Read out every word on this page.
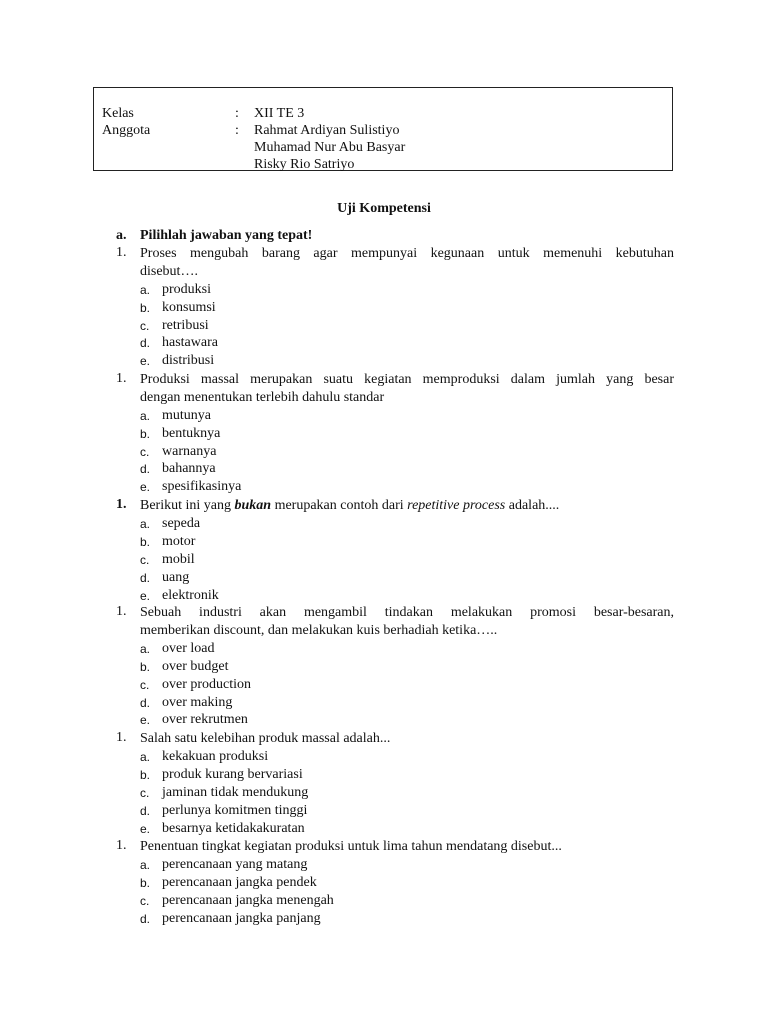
Kelas	: XII TE 3
Anggota	: Rahmat Ardiyan Sulistiyo
Muhamad Nur Abu Basyar
Risky Rio Satriyo
Uji Kompetensi
a. Pilihlah jawaban yang tepat!
1. Proses mengubah barang agar mempunyai kegunaan untuk memenuhi kebutuhan
disebut….
a. produksi
b. konsumsi
c. retribusi
d. hastawara
e. distribusi
1. Produksi massal merupakan suatu kegiatan memproduksi dalam jumlah yang besar
dengan menentukan terlebih dahulu standar
a. mutunya
b. bentuknya
c. warnanya
d. bahannya
e. spesifikasinya
1. Berikut ini yang bukan merupakan contoh dari repetitive process adalah....
a. sepeda
b. motor
c. mobil
d. uang
e. elektronik
1. Sebuah industri akan mengambil tindakan melakukan promosi besar-besaran,
memberikan discount, dan melakukan kuis berhadiah ketika…..
a. over load
b. over budget
c. over production
d. over making
e. over rekrutmen
1. Salah satu kelebihan produk massal adalah...
a. kekakuan produksi
b. produk kurang bervariasi
c. jaminan tidak mendukung
d. perlunya komitmen tinggi
e. besarnya ketidakakuratan
1. Penentuan tingkat kegiatan produksi untuk lima tahun mendatang disebut...
a. perencanaan yang matang
b. perencanaan jangka pendek
c. perencanaan jangka menengah
d. perencanaan jangka panjang
